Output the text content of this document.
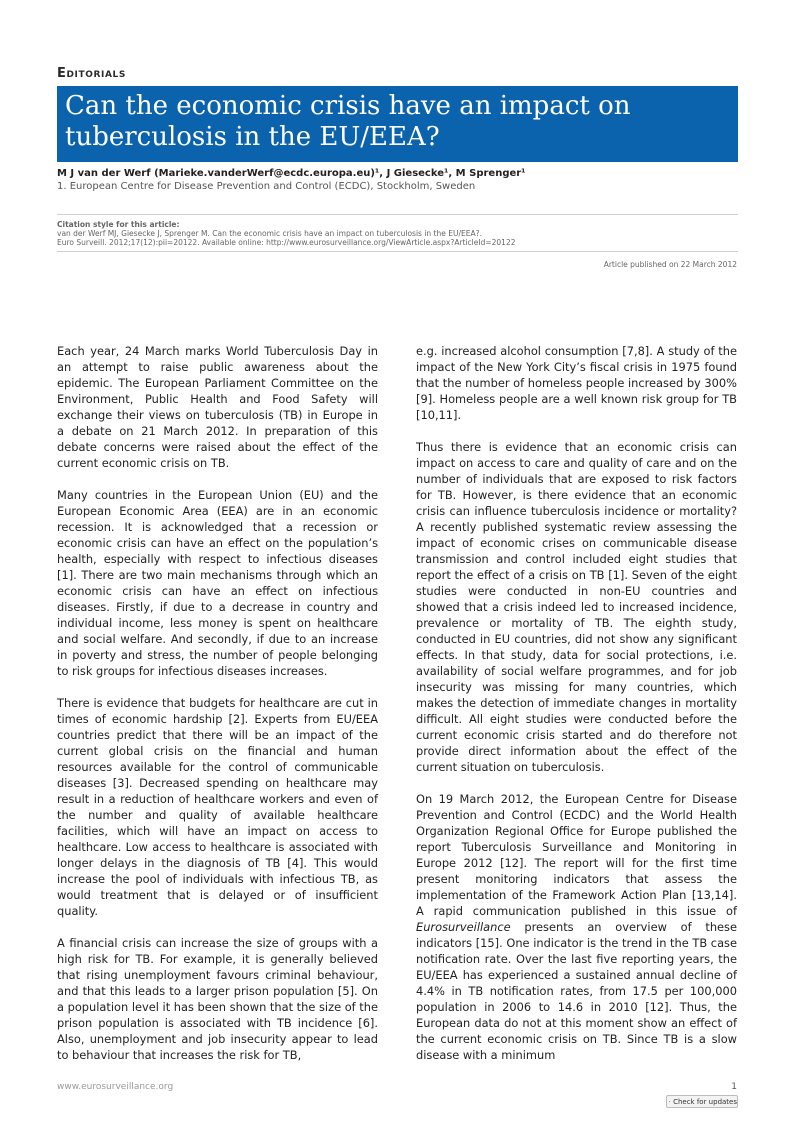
Editorials
Can the economic crisis have an impact on tuberculosis in the EU/EEA?
M J van der Werf (Marieke.vanderWerf@ecdc.europa.eu)¹, J Giesecke¹, M Sprenger¹
1. European Centre for Disease Prevention and Control (ECDC), Stockholm, Sweden
Citation style for this article:
van der Werf MJ, Giesecke J, Sprenger M. Can the economic crisis have an impact on tuberculosis in the EU/EEA?.
Euro Surveill. 2012;17(12):pii=20122. Available online: http://www.eurosurveillance.org/ViewArticle.aspx?ArticleId=20122
Article published on 22 March 2012

Each year, 24 March marks World Tuberculosis Day in an attempt to raise public awareness about the epidemic. The European Parliament Committee on the Environment, Public Health and Food Safety will exchange their views on tuberculosis (TB) in Europe in a debate on 21 March 2012. In preparation of this debate concerns were raised about the effect of the current economic crisis on TB.

Many countries in the European Union (EU) and the European Economic Area (EEA) are in an economic recession. It is acknowledged that a recession or economic crisis can have an effect on the population’s health, especially with respect to infectious diseases [1]. There are two main mechanisms through which an economic crisis can have an effect on infectious diseases. Firstly, if due to a decrease in country and individual income, less money is spent on healthcare and social welfare. And secondly, if due to an increase in poverty and stress, the number of people belonging to risk groups for infectious diseases increases.

There is evidence that budgets for healthcare are cut in times of economic hardship [2]. Experts from EU/EEA countries predict that there will be an impact of the current global crisis on the financial and human resources available for the control of communicable diseases [3]. Decreased spending on healthcare may result in a reduction of healthcare workers and even of the number and quality of available healthcare facilities, which will have an impact on access to healthcare. Low access to healthcare is associated with longer delays in the diagnosis of TB [4]. This would increase the pool of individuals with infectious TB, as would treatment that is delayed or of insufficient quality.

A financial crisis can increase the size of groups with a high risk for TB. For example, it is generally believed that rising unemployment favours criminal behaviour, and that this leads to a larger prison population [5]. On a population level it has been shown that the size of the prison population is associated with TB incidence [6]. Also, unemployment and job insecurity appear to lead to behaviour that increases the risk for TB,

e.g. increased alcohol consumption [7,8]. A study of the impact of the New York City’s fiscal crisis in 1975 found that the number of homeless people increased by 300% [9]. Homeless people are a well known risk group for TB [10,11].

Thus there is evidence that an economic crisis can impact on access to care and quality of care and on the number of individuals that are exposed to risk factors for TB. However, is there evidence that an economic crisis can influence tuberculosis incidence or mortality? A recently published systematic review assessing the impact of economic crises on communicable disease transmission and control included eight studies that report the effect of a crisis on TB [1]. Seven of the eight studies were conducted in non-EU countries and showed that a crisis indeed led to increased incidence, prevalence or mortality of TB. The eighth study, conducted in EU countries, did not show any significant effects. In that study, data for social protections, i.e. availability of social welfare programmes, and for job insecurity was missing for many countries, which makes the detection of immediate changes in mortality difficult. All eight studies were conducted before the current economic crisis started and do therefore not provide direct information about the effect of the current situation on tuberculosis.

On 19 March 2012, the European Centre for Disease Prevention and Control (ECDC) and the World Health Organization Regional Office for Europe published the report Tuberculosis Surveillance and Monitoring in Europe 2012 [12]. The report will for the first time present monitoring indicators that assess the implementation of the Framework Action Plan [13,14]. A rapid communication published in this issue of Eurosurveillance presents an overview of these indicators [15]. One indicator is the trend in the TB case notification rate. Over the last five reporting years, the EU/EEA has experienced a sustained annual decline of 4.4% in TB notification rates, from 17.5 per 100,000 population in 2006 to 14.6 in 2010 [12]. Thus, the European data do not at this moment show an effect of the current economic crisis on TB. Since TB is a slow disease with a minimum

www.eurosurveillance.org	1
Check for updates
